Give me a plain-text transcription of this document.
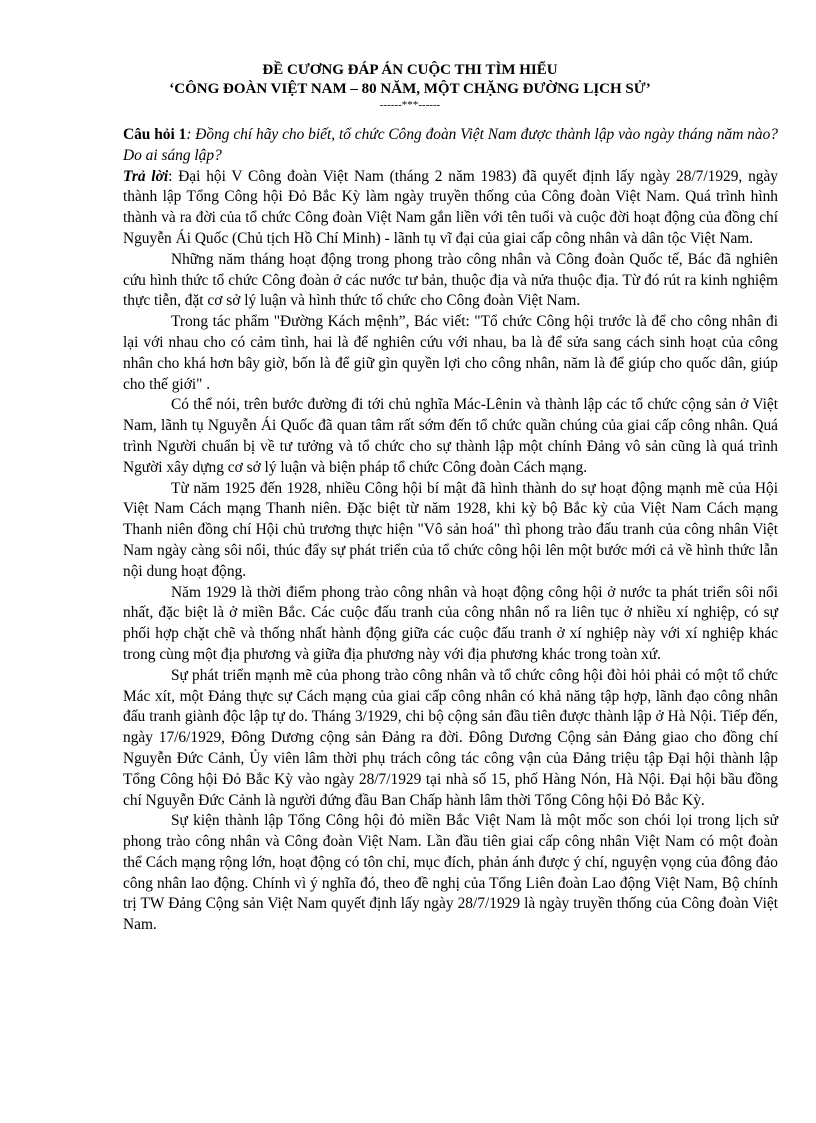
ĐỀ CƯƠNG ĐÁP ÁN CUỘC THI TÌM HIỂU
‘CÔNG ĐOÀN VIỆT NAM – 80 NĂM, MỘT CHẶNG ĐƯỜNG LỊCH SỬ’
------***------

Câu hỏi 1: Đồng chí hãy cho biết, tổ chức Công đoàn Việt Nam được thành lập vào ngày tháng năm nào? Do ai sáng lập?

Trả lời: Đại hội V Công đoàn Việt Nam (tháng 2 năm 1983) đã quyết định lấy ngày 28/7/1929, ngày thành lập Tổng Công hội Đỏ Bắc Kỳ làm ngày truyền thống của Công đoàn Việt Nam. Quá trình hình thành và ra đời của tổ chức Công đoàn Việt Nam gắn liền với tên tuổi và cuộc đời hoạt động của đồng chí Nguyễn Ái Quốc (Chủ tịch Hồ Chí Minh) - lãnh tụ vĩ đại của giai cấp công nhân và dân tộc Việt Nam.

Những năm tháng hoạt động trong phong trào công nhân và Công đoàn Quốc tế, Bác đã nghiên cứu hình thức tổ chức Công đoàn ở các nước tư bản, thuộc địa và nửa thuộc địa. Từ đó rút ra kinh nghiệm thực tiễn, đặt cơ sở lý luận và hình thức tổ chức cho Công đoàn Việt Nam.

Trong tác phẩm "Đường Kách mệnh”, Bác viết: "Tổ chức Công hội trước là để cho công nhân đi lại với nhau cho có cảm tình, hai là để nghiên cứu với nhau, ba là để sửa sang cách sinh hoạt của công nhân cho khá hơn bây giờ, bốn là để giữ gìn quyền lợi cho công nhân, năm là để giúp cho quốc dân, giúp cho thế giới" .

Có thể nói, trên bước đường đi tới chủ nghĩa Mác-Lênin và thành lập các tổ chức cộng sản ở Việt Nam, lãnh tụ Nguyễn Ái Quốc đã quan tâm rất sớm đến tổ chức quần chúng của giai cấp công nhân. Quá trình Người chuẩn bị về tư tưởng và tổ chức cho sự thành lập một chính Đảng vô sản cũng là quá trình Người xây dựng cơ sở lý luận và biện pháp tổ chức Công đoàn Cách mạng.

Từ năm 1925 đến 1928, nhiều Công hội bí mật đã hình thành do sự hoạt động mạnh mẽ của Hội Việt Nam Cách mạng Thanh niên. Đặc biệt từ năm 1928, khi kỳ bộ Bắc kỳ của Việt Nam Cách mạng Thanh niên đồng chí Hội chủ trương thực hiện "Vô sản hoá" thì phong trào đấu tranh của công nhân Việt Nam ngày càng sôi nổi, thúc đẩy sự phát triển của tổ chức công hội lên một bước mới cả về hình thức lẫn nội dung hoạt động.

Năm 1929 là thời điểm phong trào công nhân và hoạt động công hội ở nước ta phát triển sôi nổi nhất, đặc biệt là ở miền Bắc. Các cuộc đấu tranh của công nhân nổ ra liên tục ở nhiều xí nghiệp, có sự phối hợp chặt chẽ và thống nhất hành động giữa các cuộc đấu tranh ở xí nghiệp này với xí nghiệp khác trong cùng một địa phương và giữa địa phương này với địa phương khác trong toàn xứ.

Sự phát triển mạnh mẽ của phong trào công nhân và tổ chức công hội đòi hỏi phải có một tổ chức Mác xít, một Đảng thực sự Cách mạng của giai cấp công nhân có khả năng tập hợp, lãnh đạo công nhân đấu tranh giành độc lập tự do. Tháng 3/1929, chi bộ cộng sản đầu tiên được thành lập ở Hà Nội. Tiếp đến, ngày 17/6/1929, Đông Dương cộng sản Đảng ra đời. Đông Dương Cộng sản Đảng giao cho đồng chí Nguyễn Đức Cảnh, Ủy viên lâm thời phụ trách công tác công vận của Đảng triệu tập Đại hội thành lập Tổng Công hội Đỏ Bắc Kỳ vào ngày 28/7/1929 tại nhà số 15, phố Hàng Nón, Hà Nội. Đại hội bầu đồng chí Nguyễn Đức Cảnh là người đứng đầu Ban Chấp hành lâm thời Tổng Công hội Đỏ Bắc Kỳ.

Sự kiện thành lập Tổng Công hội đỏ miền Bắc Việt Nam là một mốc son chói lọi trong lịch sử phong trào công nhân và Công đoàn Việt Nam. Lần đầu tiên giai cấp công nhân Việt Nam có một đoàn thể Cách mạng rộng lớn, hoạt động có tôn chỉ, mục đích, phản ánh được ý chí, nguyện vọng của đông đảo công nhân lao động. Chính vì ý nghĩa đó, theo đề nghị của Tổng Liên đoàn Lao động Việt Nam, Bộ chính trị TW Đảng Cộng sản Việt Nam quyết định lấy ngày 28/7/1929 là ngày truyền thống của Công đoàn Việt Nam.
